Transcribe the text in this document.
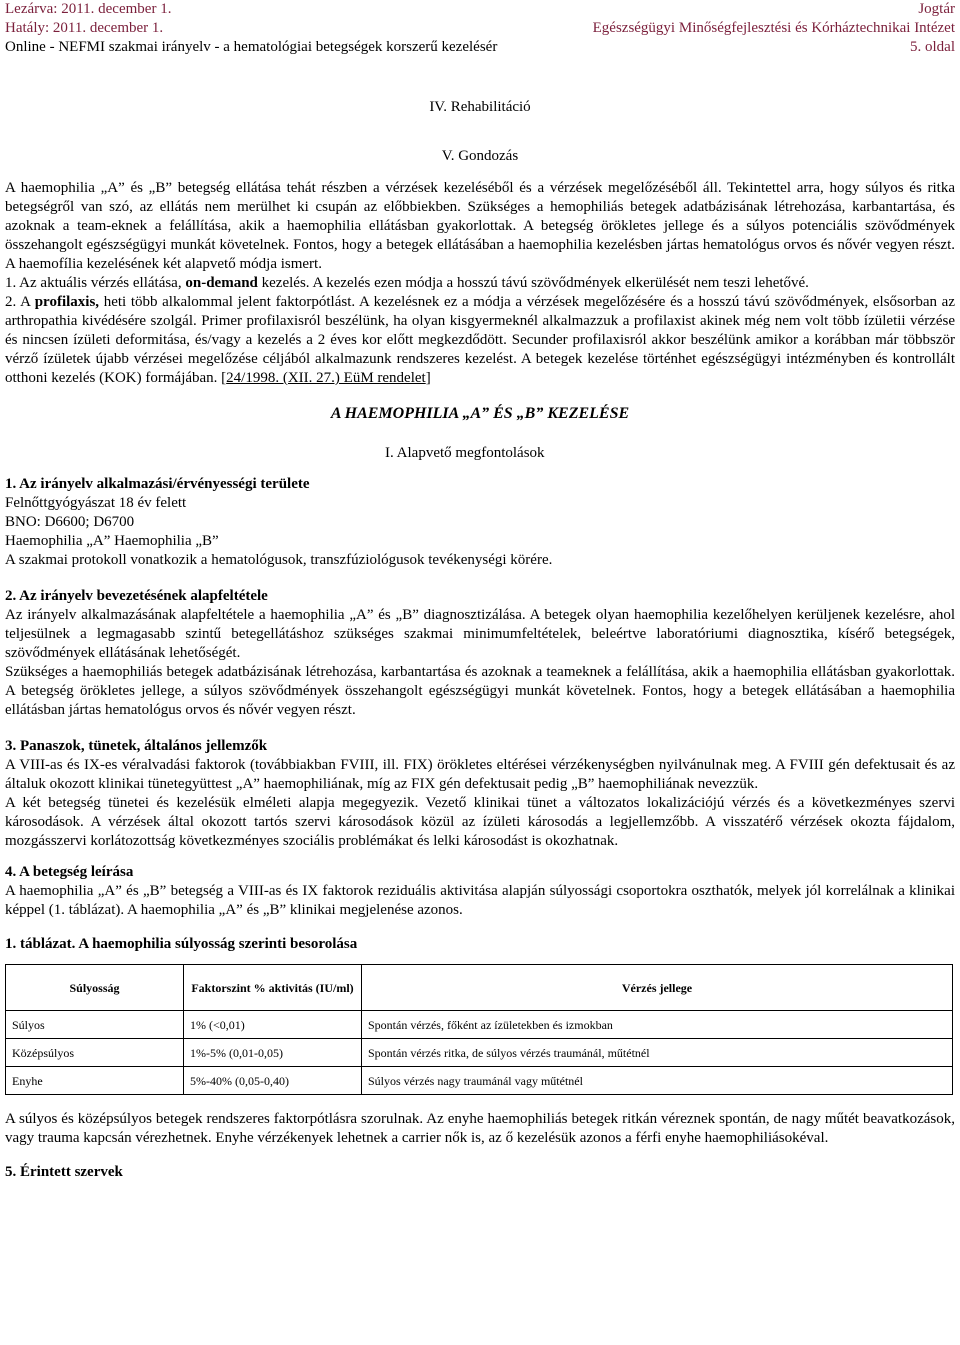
Lezárva: 2011. december 1.
Hatály: 2011. december 1.
Online - NEFMI szakmai irányelv - a hematológiai betegségek korszerű kezelésér
Jogtár
Egészségügyi Minőségfejlesztési és Kórháztechnikai Intézet
5. oldal

IV. Rehabilitáció

V. Gondozás

A haemophilia „A” és „B” betegség ellátása tehát részben a vérzések kezeléséből és a vérzések megelőzéséből áll. Tekintettel arra, hogy súlyos és ritka betegségről van szó, az ellátás nem merülhet ki csupán az előbbiekben. Szükséges a hemophiliás betegek adatbázisának létrehozása, karbantartása, és azoknak a team-eknek a felállítása, akik a haemophilia ellátásban gyakorlottak. A betegség örökletes jellege és a súlyos potenciális szövődmények összehangolt egészségügyi munkát követelnek. Fontos, hogy a betegek ellátásában a haemophilia kezelésben jártas hematológus orvos és nővér vegyen részt. A haemofília kezelésének két alapvető módja ismert.

1. Az aktuális vérzés ellátása, on-demand kezelés. A kezelés ezen módja a hosszú távú szövődmények elkerülését nem teszi lehetővé.

2. A profilaxis, heti több alkalommal jelent faktorpótlást. A kezelésnek ez a módja a vérzések megelőzésére és a hosszú távú szövődmények, elsősorban az arthropathia kivédésére szolgál. Primer profilaxisról beszélünk, ha olyan kisgyermeknél alkalmazzuk a profilaxist akinek még nem volt több ízületii vérzése és nincsen ízületi deformitása, és/vagy a kezelés a 2 éves kor előtt megkezdődött. Secunder profilaxisról akkor beszélünk amikor a korábban már többször vérző ízületek újabb vérzései megelőzése céljából alkalmazunk rendszeres kezelést. A betegek kezelése történhet egészségügyi intézményben és kontrollált otthoni kezelés (KOK) formájában. [24/1998. (XII. 27.) EüM rendelet]

A HAEMOPHILIA „A” ÉS „B” KEZELÉSE

I. Alapvető megfontolások

1. Az irányelv alkalmazási/érvényességi területe

Felnőttgyógyászat 18 év felett

BNO: D6600; D6700

Haemophilia „A” Haemophilia „B”

A szakmai protokoll vonatkozik a hematológusok, transzfúziológusok tevékenységi körére.

2. Az irányelv bevezetésének alapfeltétele

Az irányelv alkalmazásának alapfeltétele a haemophilia „A” és „B” diagnosztizálása. A betegek olyan haemophilia kezelőhelyen kerüljenek kezelésre, ahol teljesülnek a legmagasabb szintű betegellátáshoz szükséges szakmai minimumfeltételek, beleértve laboratóriumi diagnosztika, kísérő betegségek, szövődmények ellátásának lehetőségét.

Szükséges a haemophiliás betegek adatbázisának létrehozása, karbantartása és azoknak a teameknek a felállítása, akik a haemophilia ellátásban gyakorlottak. A betegség örökletes jellege, a súlyos szövődmények összehangolt egészségügyi munkát követelnek. Fontos, hogy a betegek ellátásában a haemophilia ellátásban jártas hematológus orvos és nővér vegyen részt.

3. Panaszok, tünetek, általános jellemzők

A VIII-as és IX-es véralvadási faktorok (továbbiakban FVIII, ill. FIX) örökletes eltérései vérzékenységben nyilvánulnak meg. A FVIII gén defektusait és az általuk okozott klinikai tünetegyüttest „A” haemophiliának, míg az FIX gén defektusait pedig „B” haemophiliának nevezzük.

A két betegség tünetei és kezelésük elméleti alapja megegyezik. Vezető klinikai tünet a változatos lokalizációjú vérzés és a következményes szervi károsodások. A vérzések által okozott tartós szervi károsodások közül az ízületi károsodás a legjellemzőbb. A visszatérő vérzések okozta fájdalom, mozgásszervi korlátozottság következményes szociális problémákat és lelki károsodást is okozhatnak.

4. A betegség leírása

A haemophilia „A” és „B” betegség a VIII-as és IX faktorok reziduális aktivitása alapján súlyossági csoportokra oszthatók, melyek jól korrelálnak a klinikai képpel (1. táblázat). A haemophilia „A” és „B” klinikai megjelenése azonos.

1. táblázat. A haemophilia súlyosság szerinti besorolása

Súlyosság	Faktorszint % aktivitás (IU/ml)	Vérzés jellege
Súlyos	1% (<0,01)	Spontán vérzés, főként az ízületekben és izmokban
Középsúlyos	1%-5% (0,01-0,05)	Spontán vérzés ritka, de súlyos vérzés traumánál, műtétnél
Enyhe	5%-40% (0,05-0,40)	Súlyos vérzés nagy traumánál vagy műtétnél

A súlyos és középsúlyos betegek rendszeres faktorpótlásra szorulnak. Az enyhe haemophiliás betegek ritkán véreznek spontán, de nagy műtét beavatkozások, vagy trauma kapcsán vérezhetnek. Enyhe vérzékenyek lehetnek a carrier nők is, az ő kezelésük azonos a férfi enyhe haemophiliásokéval.

5. Érintett szervek
